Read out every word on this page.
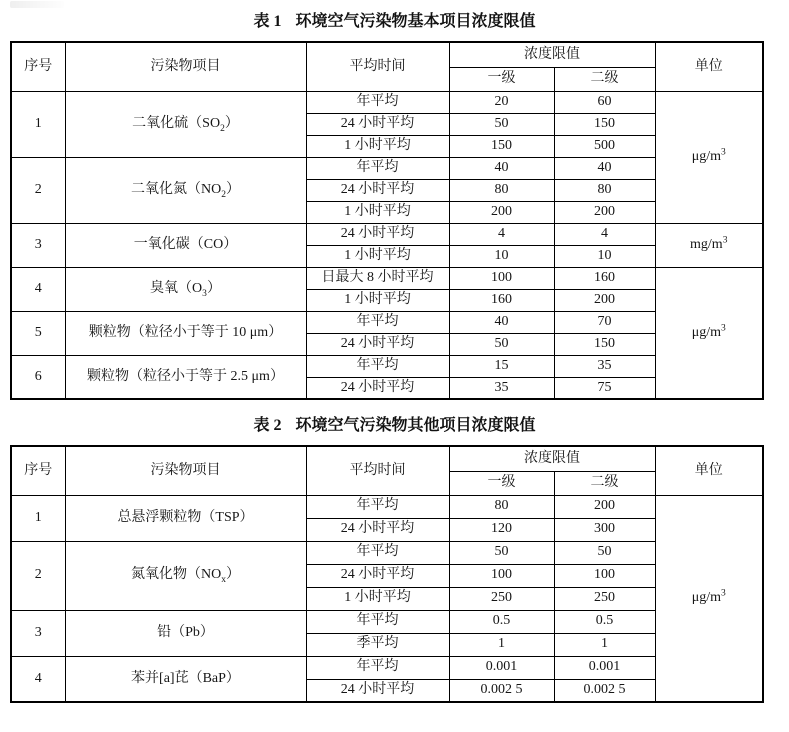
表 1 环境空气污染物基本项目浓度限值
序号	污染物项目	平均时间	浓度限值		单位
			一级	二级	
1	二氧化硫$(SO_2)$	年平均	20	60	$\mu g/m^3$
		24 小时平均	50	150	
		1 小时平均	150	500	
2	二氧化氮$(NO_2)$	年平均	40	40	
		24 小时平均	80	80	
		1 小时平均	200	200	
3	一氧化碳（CO）	24 小时平均	4	4	$mg/m^3$
		1 小时平均	10	10	
4	臭氧$(O_3)$	日最大 8 小时平均	100	160	$\mu g/m^3$
		1 小时平均	160	200	
5	颗粒物（粒径小于等于 10 μm）	年平均	40	70	
		24 小时平均	50	150	
6	颗粒物（粒径小于等于 2.5 μm）	年平均	15	35	
		24 小时平均	35	75	
表 2 环境空气污染物其他项目浓度限值
序号	污染物项目	平均时间	浓度限值		单位
			一级	二级	
1	总悬浮颗粒物（TSP）	年平均	80	200	$\mu g/m^3$
		24 小时平均	120	300	
2	氮氧化物$(NO_x)$	年平均	50	50	
		24 小时平均	100	100	
		1 小时平均	250	250	
3	铅（Pb）	年平均	0.5	0.5	
		季平均	1	1	
4	苯并[a]芘（BaP）	年平均	0.001	0.001	
		24 小时平均	0.002 5	0.002 5	
